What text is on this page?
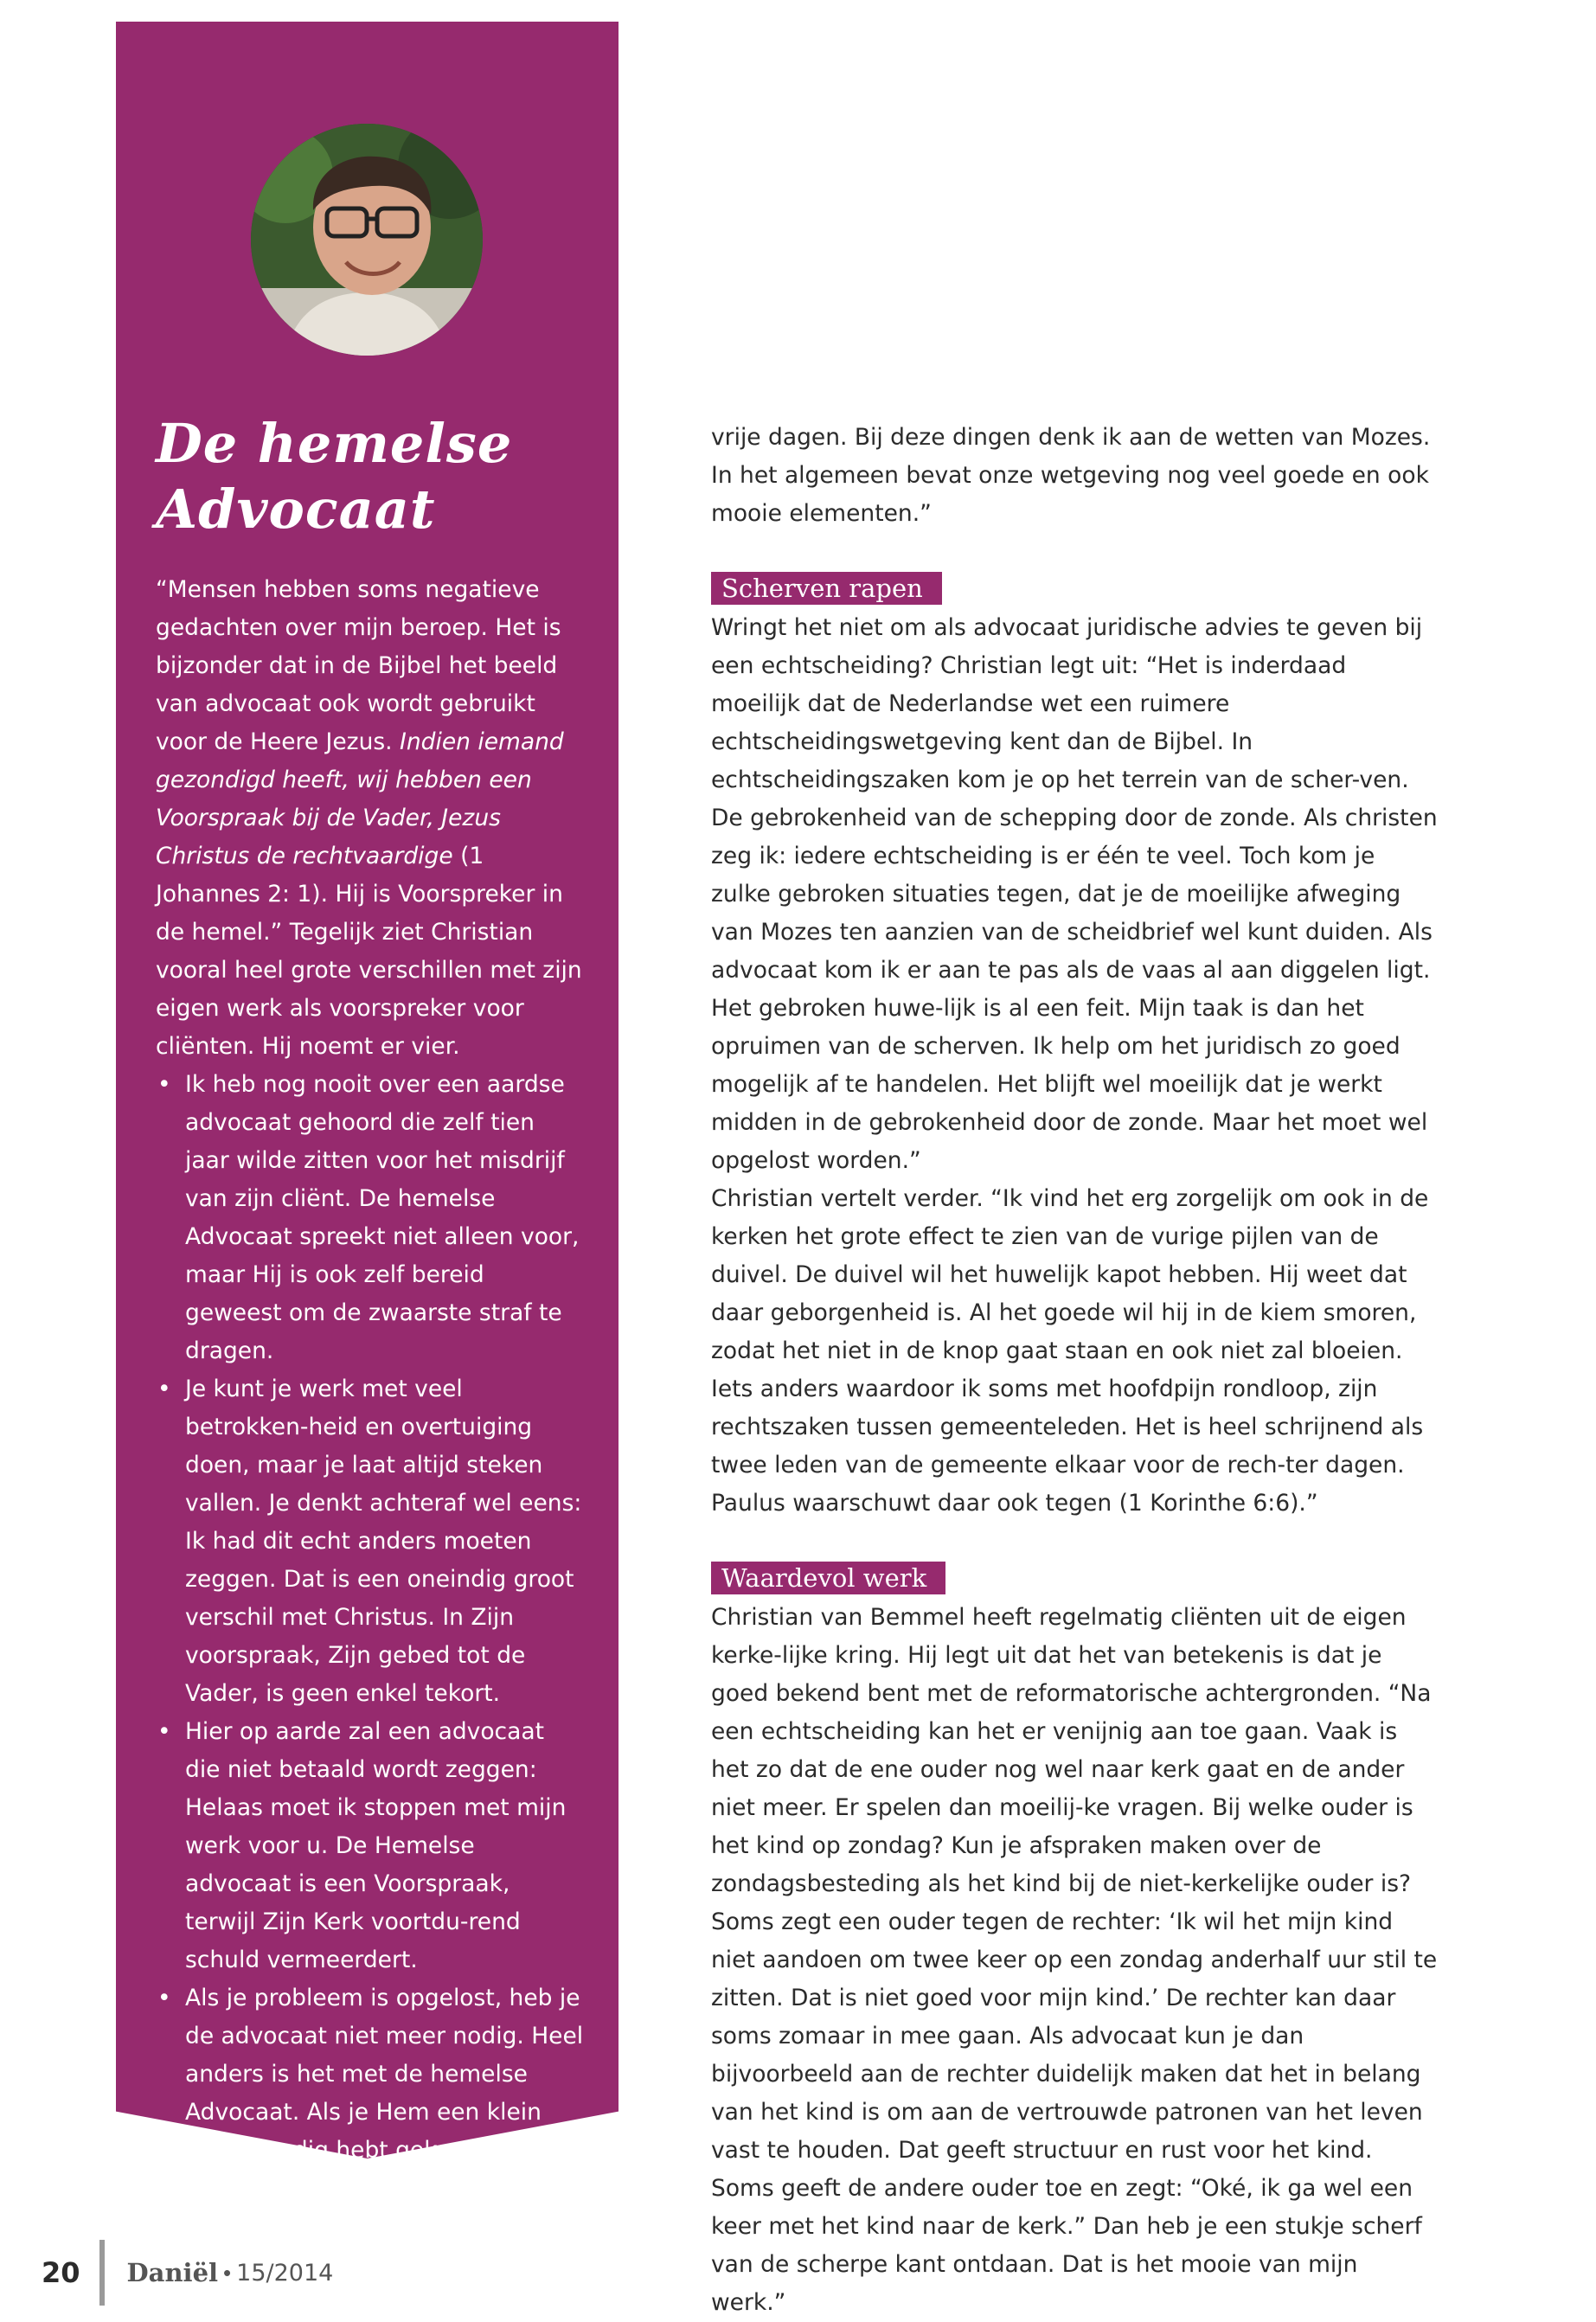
De hemelse
Advocaat

“Mensen hebben soms negatieve gedachten over mijn beroep. Het is bijzonder dat in de Bijbel het beeld van advocaat ook wordt gebruikt voor de Heere Jezus. Indien iemand gezondigd heeft, wij hebben een Voorspraak bij de Vader, Jezus Christus de rechtvaardige (1 Johannes 2: 1). Hij is Voorspreker in de hemel.” Tegelijk ziet Christian vooral heel grote verschillen met zijn eigen werk als voorspreker voor cliënten. Hij noemt er vier.

• Ik heb nog nooit over een aardse advocaat gehoord die zelf tien jaar wilde zitten voor het misdrijf van zijn cliënt. De hemelse Advocaat spreekt niet alleen voor, maar Hij is ook zelf bereid geweest om de zwaarste straf te dragen.
• Je kunt je werk met veel betrokken-heid en overtuiging doen, maar je laat altijd steken vallen. Je denkt achteraf wel eens: Ik had dit echt anders moeten zeggen. Dat is een oneindig groot verschil met Christus. In Zijn voorspraak, Zijn gebed tot de Vader, is geen enkel tekort.
• Hier op aarde zal een advocaat die niet betaald wordt zeggen: Helaas moet ik stoppen met mijn werk voor u. De Hemelse advocaat is een Voorspraak, terwijl Zijn Kerk voortdu-rend schuld vermeerdert.
• Als je probleem is opgelost, heb je de advocaat niet meer nodig. Heel anders is het met de hemelse Advocaat. Als je Hem een klein beetje nodig hebt gekregen, ga je Zijn voorspraak alleen maar meer en meer nodig krijgen.

vrije dagen. Bij deze dingen denk ik aan de wetten van Mozes. In het algemeen bevat onze wetgeving nog veel goede en ook mooie elementen.”

Scherven rapen

Wringt het niet om als advocaat juridische advies te geven bij een echtscheiding? Christian legt uit: “Het is inderdaad moeilijk dat de Nederlandse wet een ruimere echtscheidingswetgeving kent dan de Bijbel. In echtscheidingszaken kom je op het terrein van de scher-ven. De gebrokenheid van de schepping door de zonde. Als christen zeg ik: iedere echtscheiding is er één te veel. Toch kom je zulke gebroken situaties tegen, dat je de moeilijke afweging van Mozes ten aanzien van de scheidbrief wel kunt duiden. Als advocaat kom ik er aan te pas als de vaas al aan diggelen ligt. Het gebroken huwe-lijk is al een feit. Mijn taak is dan het opruimen van de scherven. Ik help om het juridisch zo goed mogelijk af te handelen. Het blijft wel moeilijk dat je werkt midden in de gebrokenheid door de zonde. Maar het moet wel opgelost worden.”

Christian vertelt verder. “Ik vind het erg zorgelijk om ook in de kerken het grote effect te zien van de vurige pijlen van de duivel. De duivel wil het huwelijk kapot hebben. Hij weet dat daar geborgenheid is. Al het goede wil hij in de kiem smoren, zodat het niet in de knop gaat staan en ook niet zal bloeien. Iets anders waardoor ik soms met hoofdpijn rondloop, zijn rechtszaken tussen gemeenteleden. Het is heel schrijnend als twee leden van de gemeente elkaar voor de rech-ter dagen. Paulus waarschuwt daar ook tegen (1 Korinthe 6:6).”

Waardevol werk

Christian van Bemmel heeft regelmatig cliënten uit de eigen kerke-lijke kring. Hij legt uit dat het van betekenis is dat je goed bekend bent met de reformatorische achtergronden. “Na een echtscheiding kan het er venijnig aan toe gaan. Vaak is het zo dat de ene ouder nog wel naar kerk gaat en de ander niet meer. Er spelen dan moeilij-ke vragen. Bij welke ouder is het kind op zondag? Kun je afspraken maken over de zondagsbesteding als het kind bij de niet-kerkelijke ouder is? Soms zegt een ouder tegen de rechter: ‘Ik wil het mijn kind niet aandoen om twee keer op een zondag anderhalf uur stil te zitten. Dat is niet goed voor mijn kind.’ De rechter kan daar soms zomaar in mee gaan. Als advocaat kun je dan bijvoorbeeld aan de rechter duidelijk maken dat het in belang van het kind is om aan de vertrouwde patronen van het leven vast te houden. Dat geeft structuur en rust voor het kind. Soms geeft de andere ouder toe en zegt: “Oké, ik ga wel een keer met het kind naar de kerk.” Dan heb je een stukje scherf van de scherpe kant ontdaan. Dat is het mooie van mijn werk.”

20 Daniël • 15/2014
